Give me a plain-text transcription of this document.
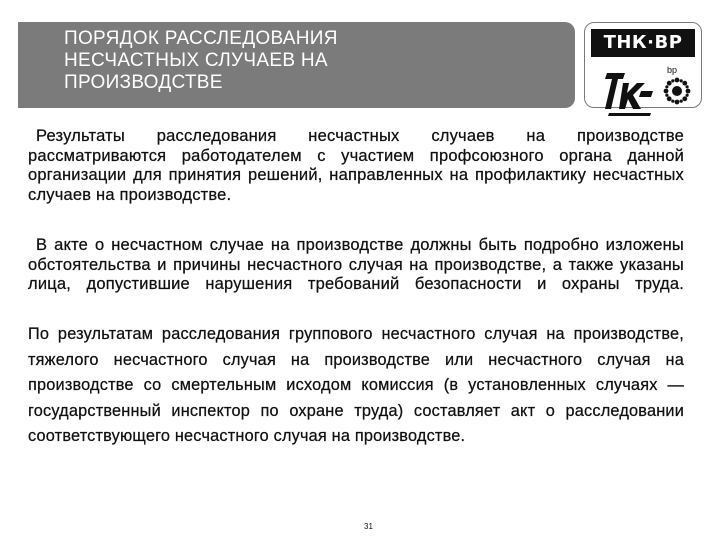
ПОРЯДОК РАССЛЕДОВАНИЯ
НЕСЧАСТНЫХ СЛУЧАЕВ НА
ПРОИЗВОДСТВЕ
ТНК·ВР
bp
Результаты расследования несчастных случаев на производстве рассматриваются работодателем с участием профсоюзного органа данной организации для принятия решений, направленных на профилактику несчастных случаев на производстве.
В акте о несчастном случае на производстве должны быть подробно изложены обстоятельства и причины несчастного случая на производстве, а также указаны лица, допустившие нарушения требований безопасности и охраны труда.
По результатам расследования группового несчастного случая на производстве, тяжелого несчастного случая на производстве или несчастного случая на производстве со смертельным исходом комиссия (в установленных случаях — государственный инспектор по охране труда) составляет акт о расследовании соответствующего несчастного случая на производстве.
31
